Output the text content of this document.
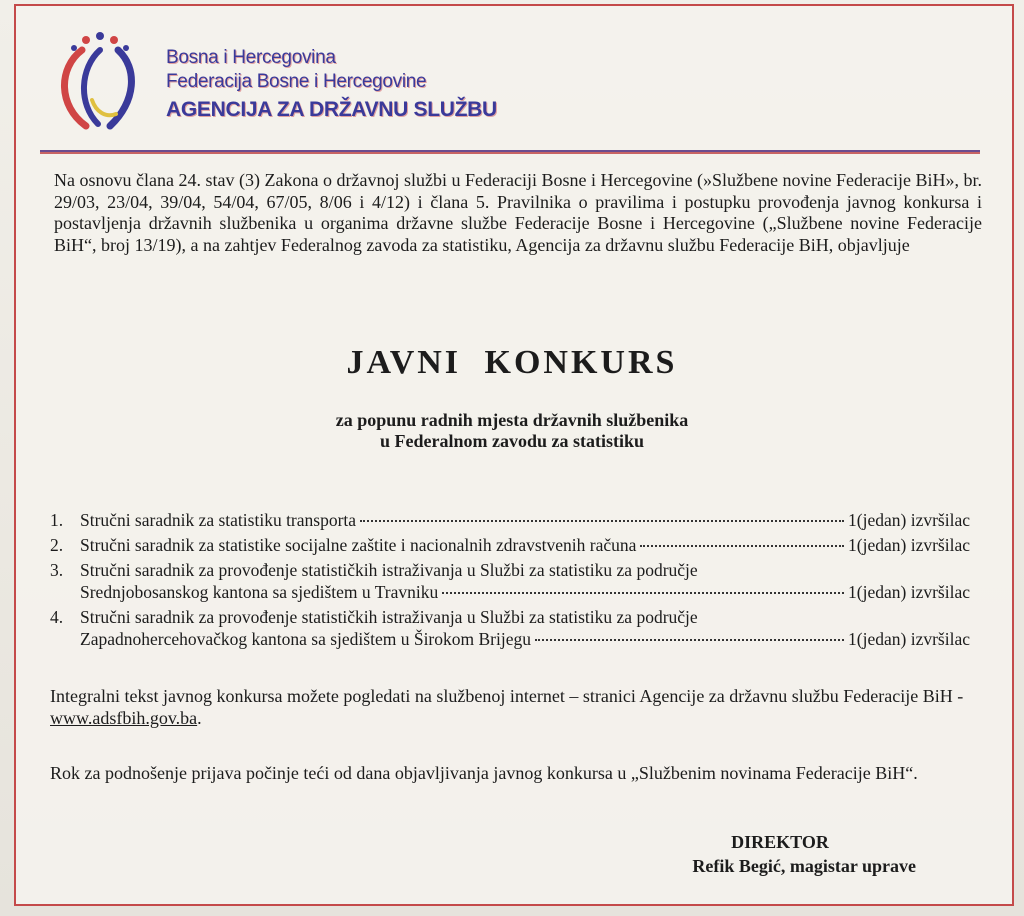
Bosna i Hercegovina
Federacija Bosne i Hercegovine
AGENCIJA ZA DRŽAVNU SLUŽBU
Na osnovu člana 24. stav (3) Zakona o državnoj službi u Federaciji Bosne i Hercegovine (»Službene novine Federacije BiH», br. 29/03, 23/04, 39/04, 54/04, 67/05, 8/06 i 4/12) i člana 5. Pravilnika o pravilima i postupku provođenja javnog konkursa i postavljenja državnih službenika u organima državne službe Federacije Bosne i Hercegovine („Službene novine Federacije BiH“, broj 13/19), a na zahtjev Federalnog zavoda za statistiku, Agencija za državnu službu Federacije BiH, objavljuje
JAVNI KONKURS
za popunu radnih mjesta državnih službenika
u Federalnom zavodu za statistiku
1. Stručni saradnik za statistiku transporta	1(jedan) izvršilac
2. Stručni saradnik za statistike socijalne zaštite i nacionalnih zdravstvenih računa	1(jedan) izvršilac
3. Stručni saradnik za provođenje statističkih istraživanja u Službi za statistiku za područje
Srednjobosanskog kantona sa sjedištem u Travniku	1(jedan) izvršilac
4. Stručni saradnik za provođenje statističkih istraživanja u Službi za statistiku za područje
Zapadnohercehovačkog kantona sa sjedištem u Širokom Brijegu	1(jedan) izvršilac
Integralni tekst javnog konkursa možete pogledati na službenoj internet – stranici Agencije za državnu službu Federacije BiH - www.adsfbih.gov.ba.
Rok za podnošenje prijava počinje teći od dana objavljivanja javnog konkursa u „Službenim novinama Federacije BiH“.
DIREKTOR
Refik Begić, magistar uprave
